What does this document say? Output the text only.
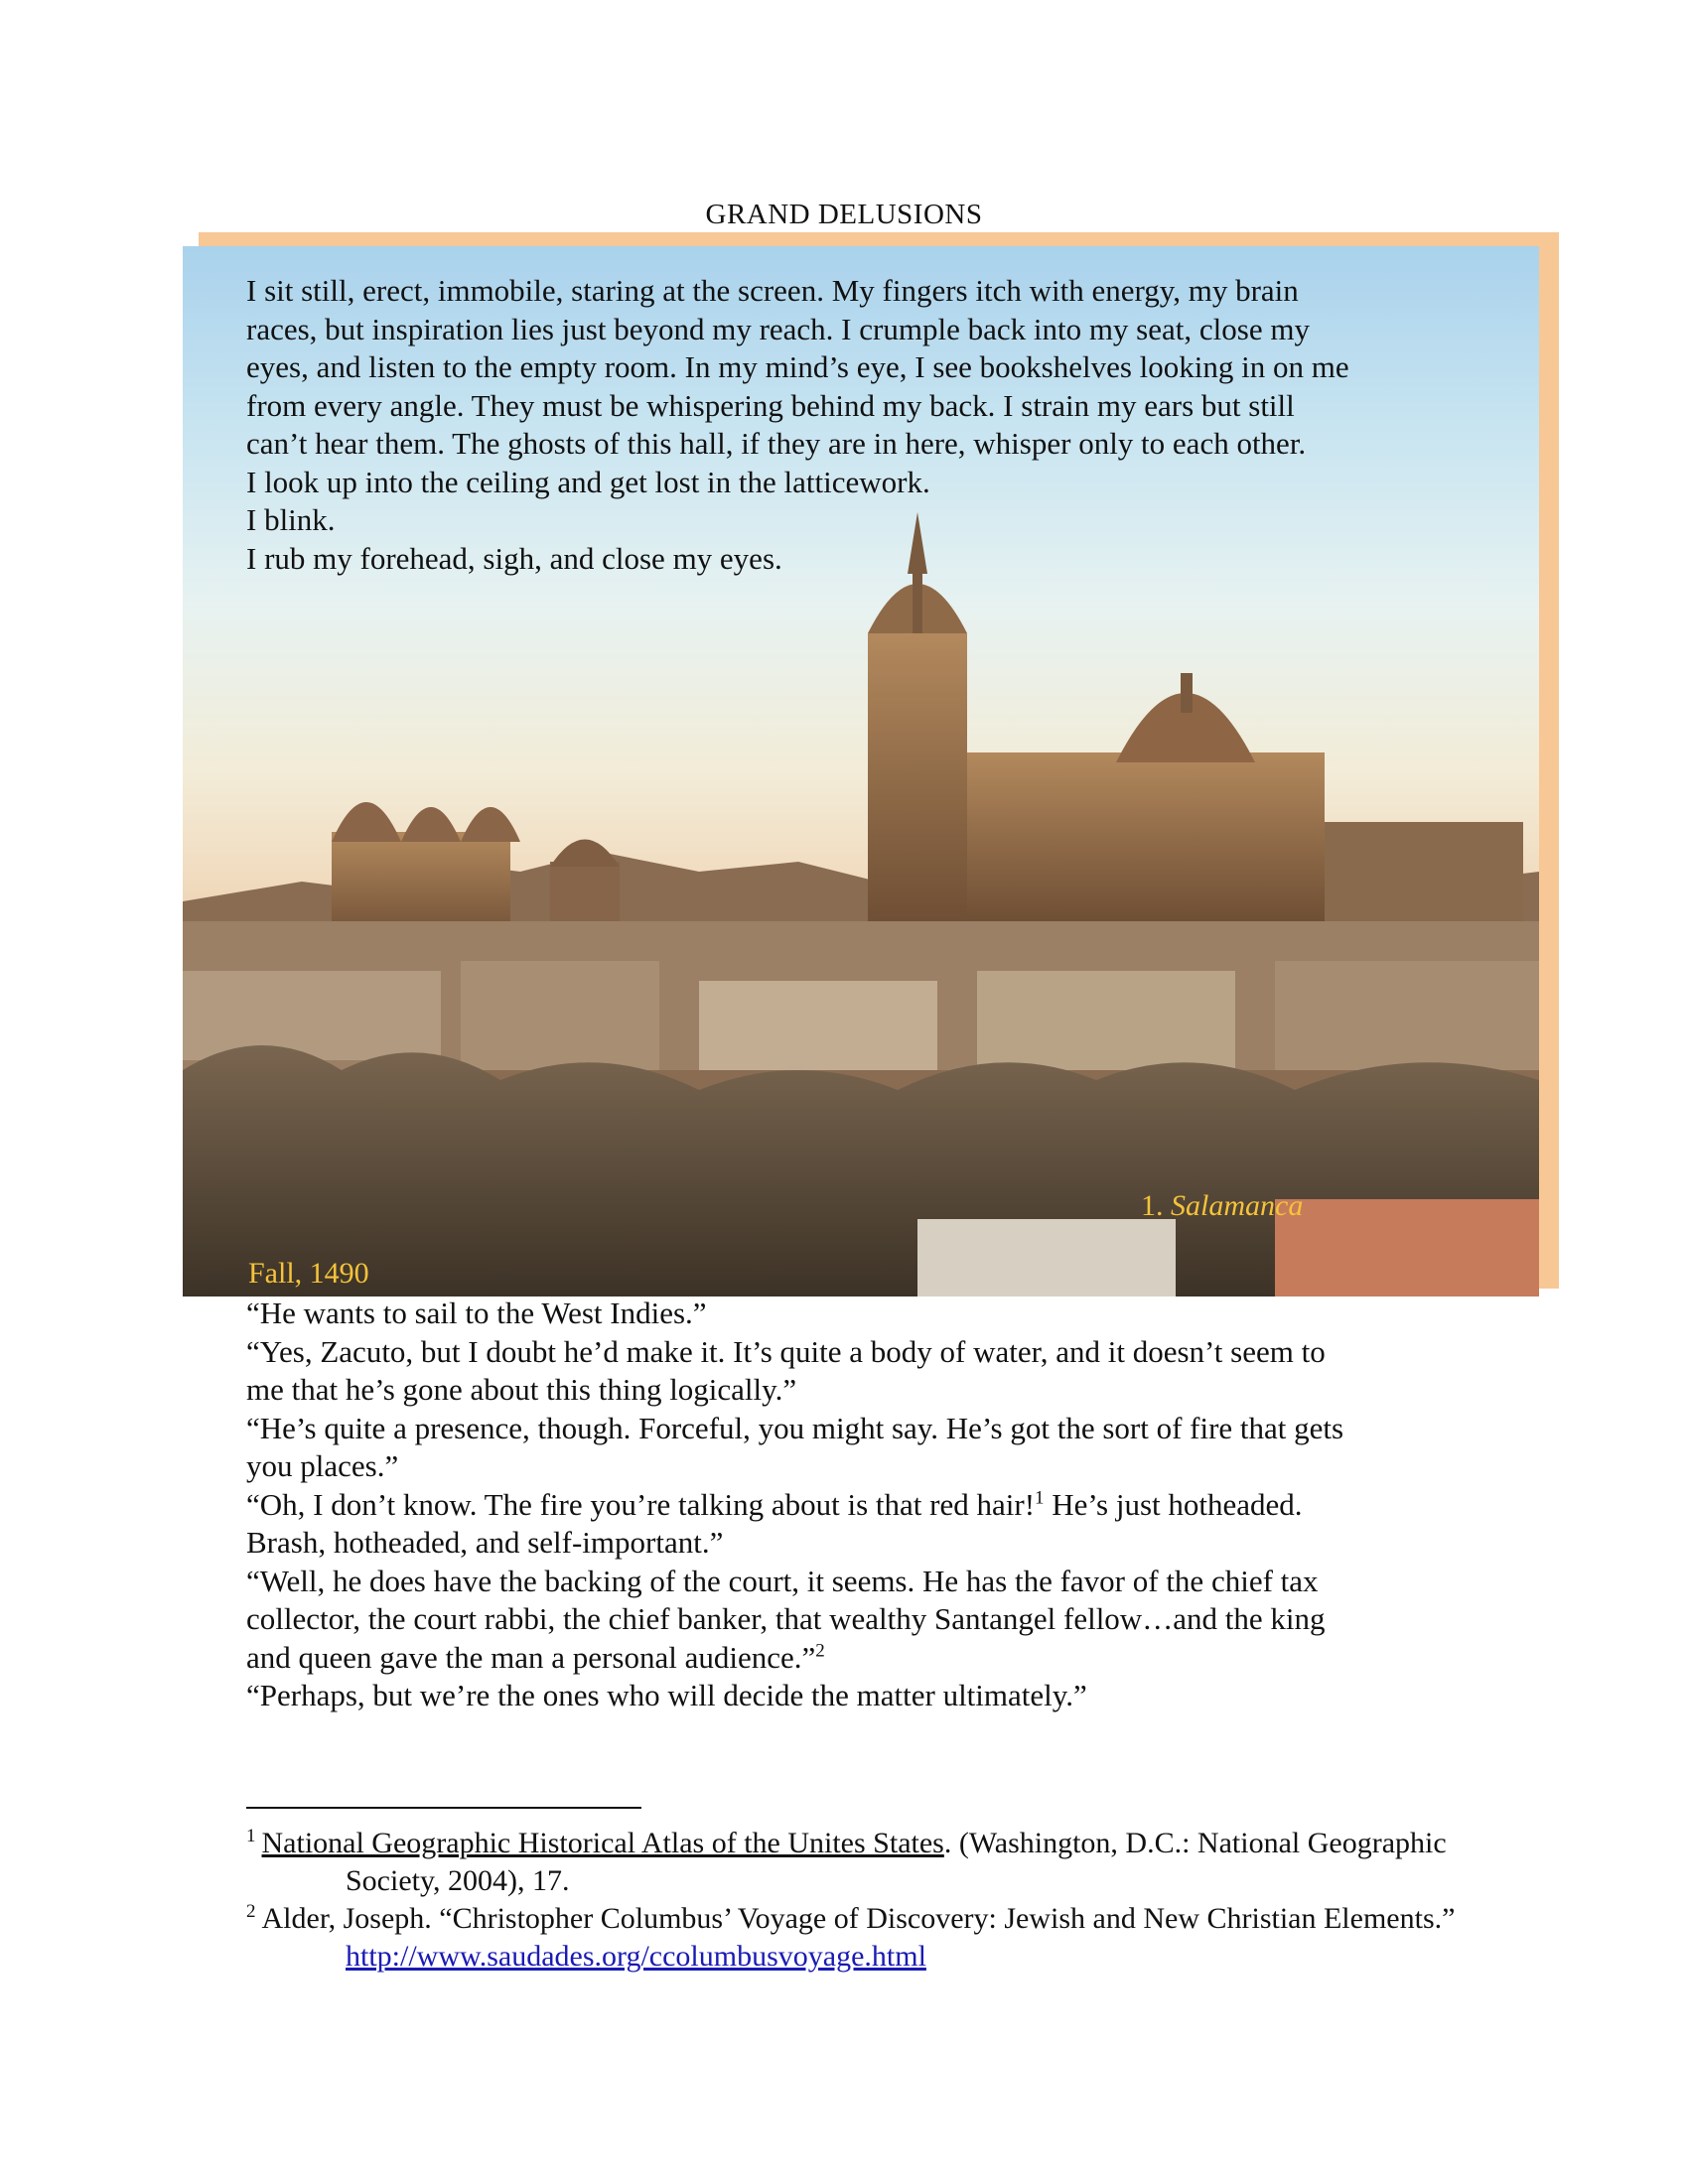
GRAND DELUSIONS

I sit still, erect, immobile, staring at the screen. My fingers itch with energy, my brain

races, but inspiration lies just beyond my reach. I crumple back into my seat, close my

eyes, and listen to the empty room. In my mind’s eye, I see bookshelves looking in on me

from every angle. They must be whispering behind my back. I strain my ears but still

can’t hear them. The ghosts of this hall, if they are in here, whisper only to each other.

I look up into the ceiling and get lost in the latticework.

I blink.

I rub my forehead, sigh, and close my eyes.

1. Salamanca
Fall, 1490

“He wants to sail to the West Indies.”

“Yes, Zacuto, but I doubt he’d make it. It’s quite a body of water, and it doesn’t seem to

me that he’s gone about this thing logically.”

“He’s quite a presence, though. Forceful, you might say. He’s got the sort of fire that gets

you places.”

“Oh, I don’t know. The fire you’re talking about is that red hair!$^1$ He’s just hotheaded.

Brash, hotheaded, and self-important.”

“Well, he does have the backing of the court, it seems. He has the favor of the chief tax

collector, the court rabbi, the chief banker, that wealthy Santangel fellow…and the king

and queen gave the man a personal audience.”$^2$

“Perhaps, but we’re the ones who will decide the matter ultimately.”

$^1$ National Geographic Historical Atlas of the Unites States. (Washington, D.C.: National Geographic Society, 2004), 17.

$^2$ Alder, Joseph. “Christopher Columbus’ Voyage of Discovery: Jewish and New Christian Elements.” http://www.saudades.org/ccolumbusvoyage.html
